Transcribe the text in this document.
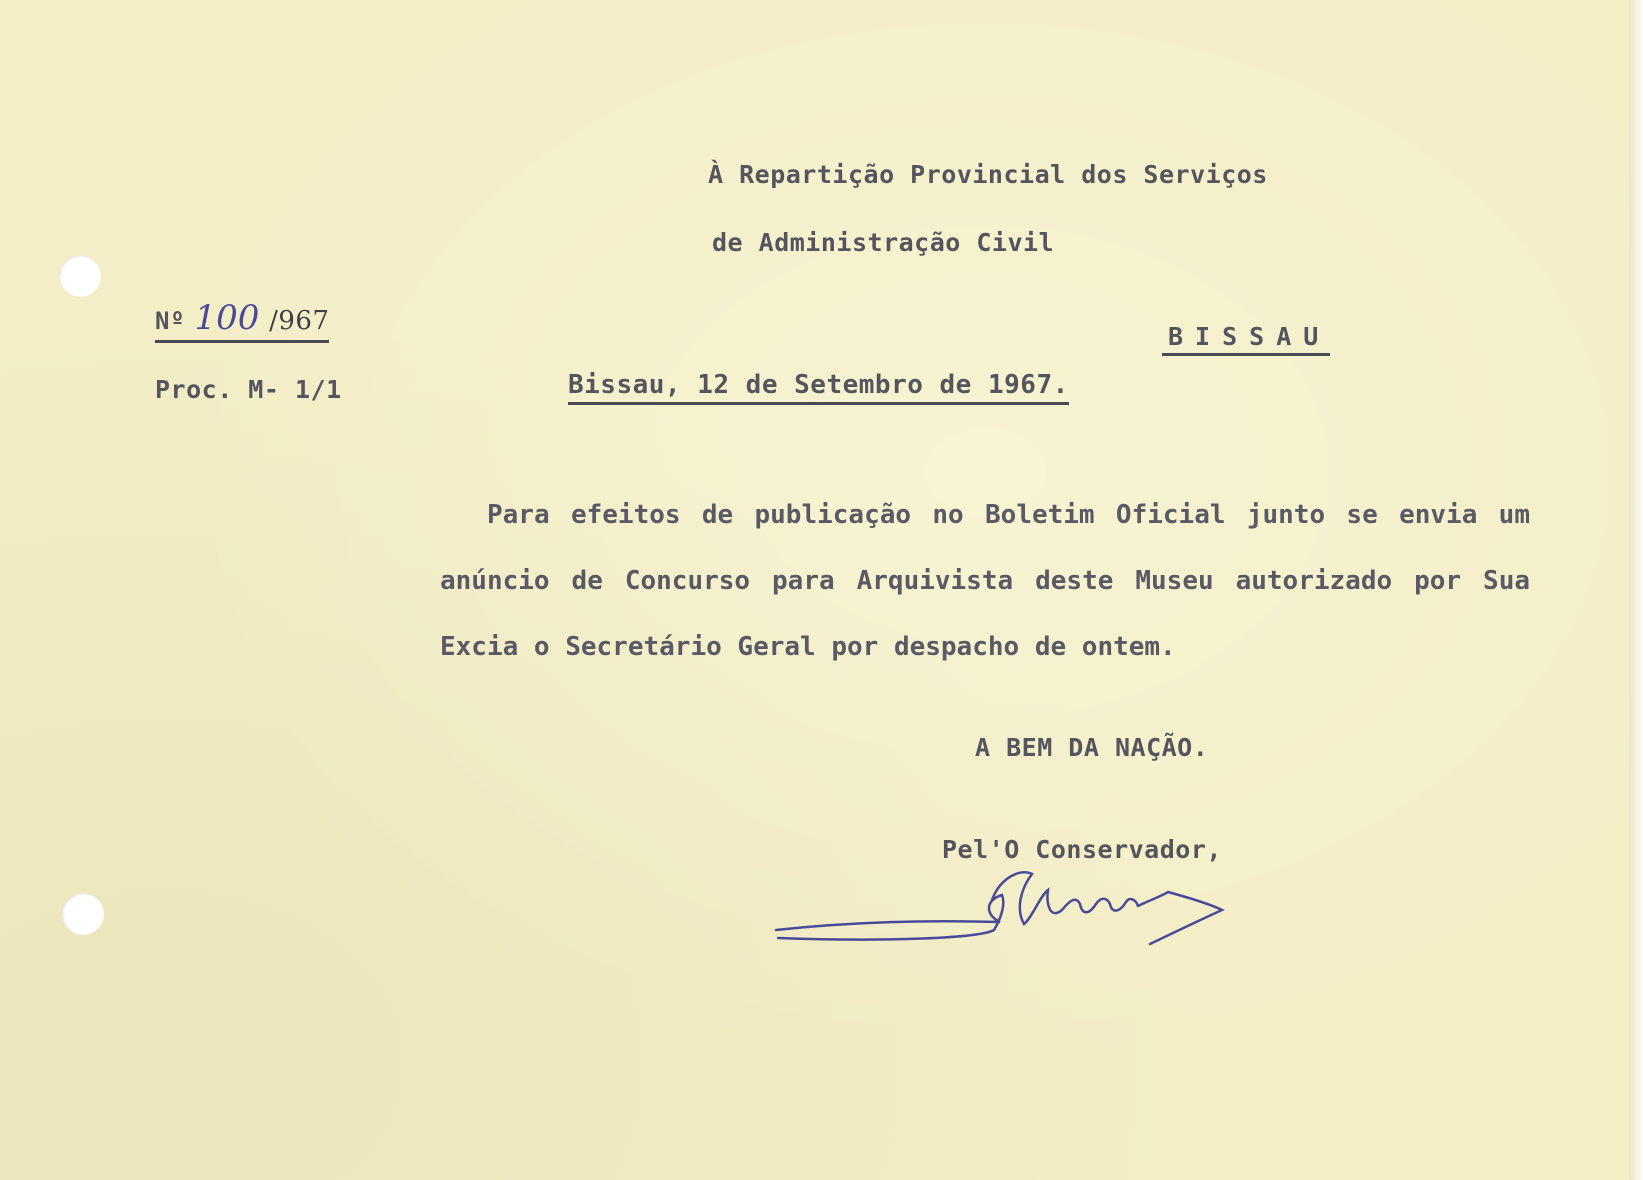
À Repartição Provincial dos Serviços
de Administração Civil
Nº 100 /967
Proc. M- 1/1
BISSAU
Bissau, 12 de Setembro de 1967.
Para efeitos de publicação no Boletim Oficial junto se envia um
anúncio de Concurso para Arquivista deste Museu autorizado por Sua
Excia o Secretário Geral por despacho de ontem.
A BEM DA NAÇÃO.
Pel'O Conservador,
